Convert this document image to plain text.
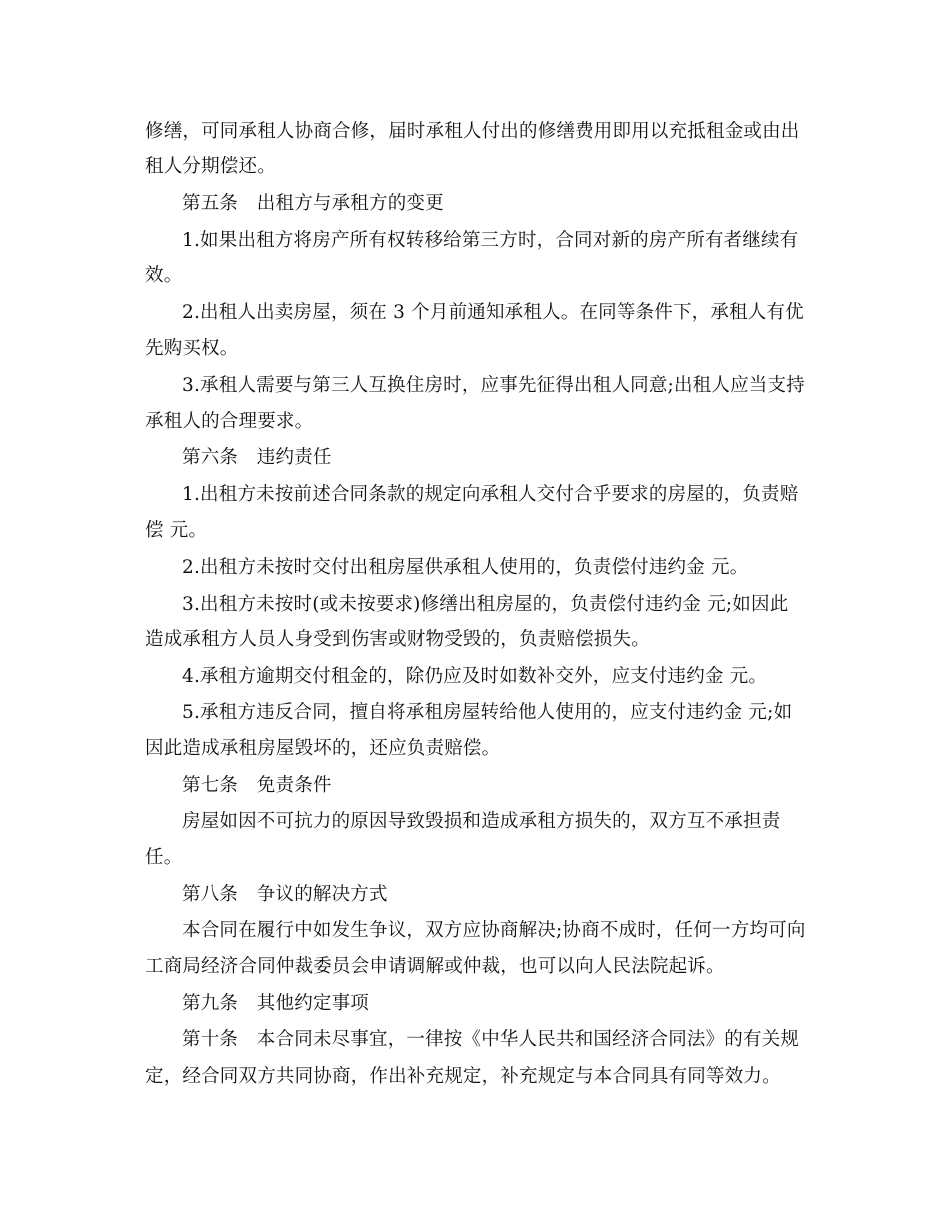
修缮，可同承租人协商合修，届时承租人付出的修缮费用即用以充抵租金或由出
租人分期偿还。
第五条　出租方与承租方的变更
1.如果出租方将房产所有权转移给第三方时，合同对新的房产所有者继续有
效。
2.出租人出卖房屋，须在 3 个月前通知承租人。在同等条件下，承租人有优
先购买权。
3.承租人需要与第三人互换住房时，应事先征得出租人同意;出租人应当支持
承租人的合理要求。
第六条　违约责任
1.出租方未按前述合同条款的规定向承租人交付合乎要求的房屋的，负责赔
偿 元。
2.出租方未按时交付出租房屋供承租人使用的，负责偿付违约金 元。
3.出租方未按时(或未按要求)修缮出租房屋的，负责偿付违约金 元;如因此
造成承租方人员人身受到伤害或财物受毁的，负责赔偿损失。
4.承租方逾期交付租金的，除仍应及时如数补交外，应支付违约金 元。
5.承租方违反合同，擅自将承租房屋转给他人使用的，应支付违约金 元;如
因此造成承租房屋毁坏的，还应负责赔偿。
第七条　免责条件
房屋如因不可抗力的原因导致毁损和造成承租方损失的，双方互不承担责
任。
第八条　争议的解决方式
本合同在履行中如发生争议，双方应协商解决;协商不成时，任何一方均可向
工商局经济合同仲裁委员会申请调解或仲裁，也可以向人民法院起诉。
第九条　其他约定事项
第十条　本合同未尽事宜，一律按《中华人民共和国经济合同法》的有关规
定，经合同双方共同协商，作出补充规定，补充规定与本合同具有同等效力。
